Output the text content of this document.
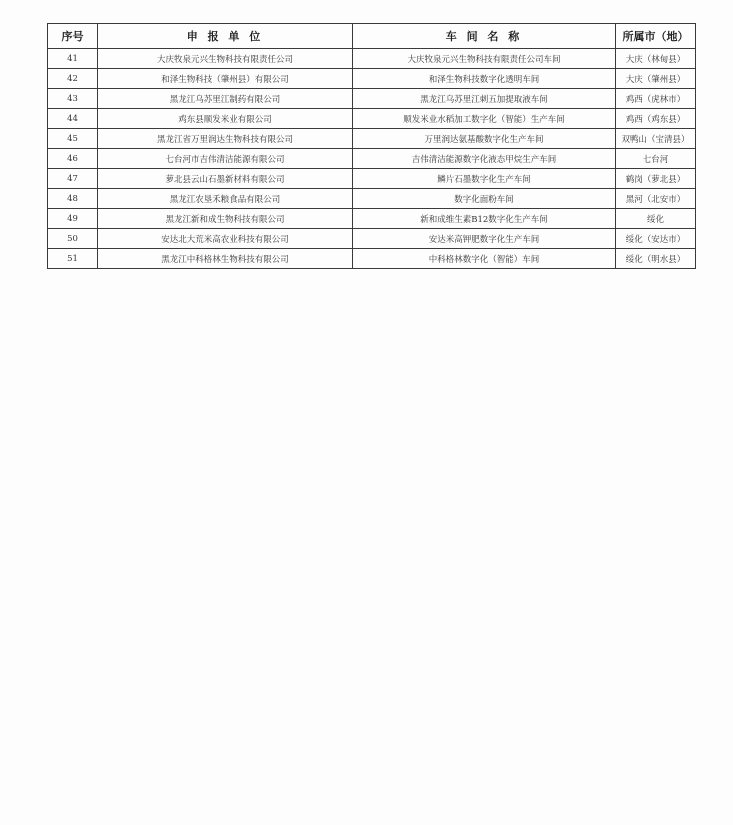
序号	申 报 单 位	车 间 名 称	所属市（地）
41	大庆牧泉元兴生物科技有限责任公司	大庆牧泉元兴生物科技有限责任公司车间	大庆（林甸县）
42	和泽生物科技（肇州县）有限公司	和泽生物科技数字化透明车间	大庆（肇州县）
43	黑龙江乌苏里江制药有限公司	黑龙江乌苏里江刺五加提取液车间	鸡西（虎林市）
44	鸡东县顺发米业有限公司	顺发米业水稻加工数字化（智能）生产车间	鸡西（鸡东县）
45	黑龙江省万里润达生物科技有限公司	万里润达氨基酸数字化生产车间	双鸭山（宝清县）
46	七台河市吉伟清洁能源有限公司	吉伟清洁能源数字化液态甲烷生产车间	七台河
47	萝北县云山石墨新材料有限公司	鳞片石墨数字化生产车间	鹤岗（萝北县）
48	黑龙江农垦禾粮食品有限公司	数字化面粉车间	黑河（北安市）
49	黑龙江新和成生物科技有限公司	新和成维生素B12数字化生产车间	绥化
50	安达北大荒米高农业科技有限公司	安达米高钾肥数字化生产车间	绥化（安达市）
51	黑龙江中科格林生物科技有限公司	中科格林数字化（智能）车间	绥化（明水县）
